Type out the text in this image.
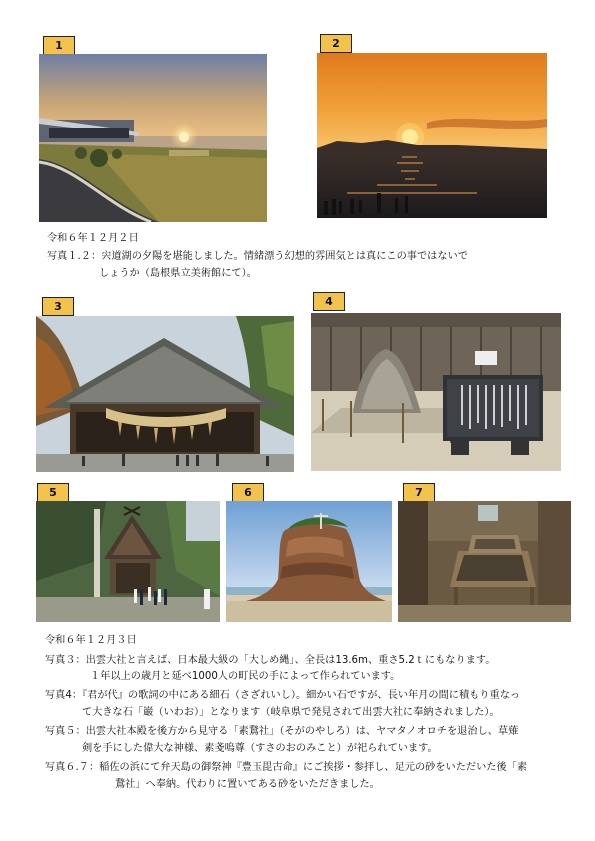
1	2
3	4
5	6	7
令和６年１２月２日
写真１.２：宍道湖の夕陽を堪能しました。情緒漂う幻想的雰囲気とは真にこの事ではないで
しょうか（島根県立美術館にて）。
令和６年１２月３日
写真３：出雲大社と言えば、日本最大級の「大しめ縄」、全長は13.6m、重さ5.2ｔにもなります。
１年以上の歳月と延べ1000人の町民の手によって作られています。
写真4：『君が代』の歌詞の中にある細石（さざれいし）。細かい石ですが、長い年月の間に積もり重なっ
て大きな石「巌（いわお）」となります（岐阜県で発見されて出雲大社に奉納されました）。
写真５：出雲大社本殿を後方から見守る「素鵞社」（そがのやしろ）は、ヤマタノオロチを退治し、草薙
剣を手にした偉大な神様、素戔嗚尊（すさのおのみこと）が祀られています。
写真６.７：稲佐の浜にて弁天島の御祭神『豊玉毘古命』にご挨拶・参拝し、足元の砂をいただいた後「素
鵞社」へ奉納。代わりに置いてある砂をいただきました。
